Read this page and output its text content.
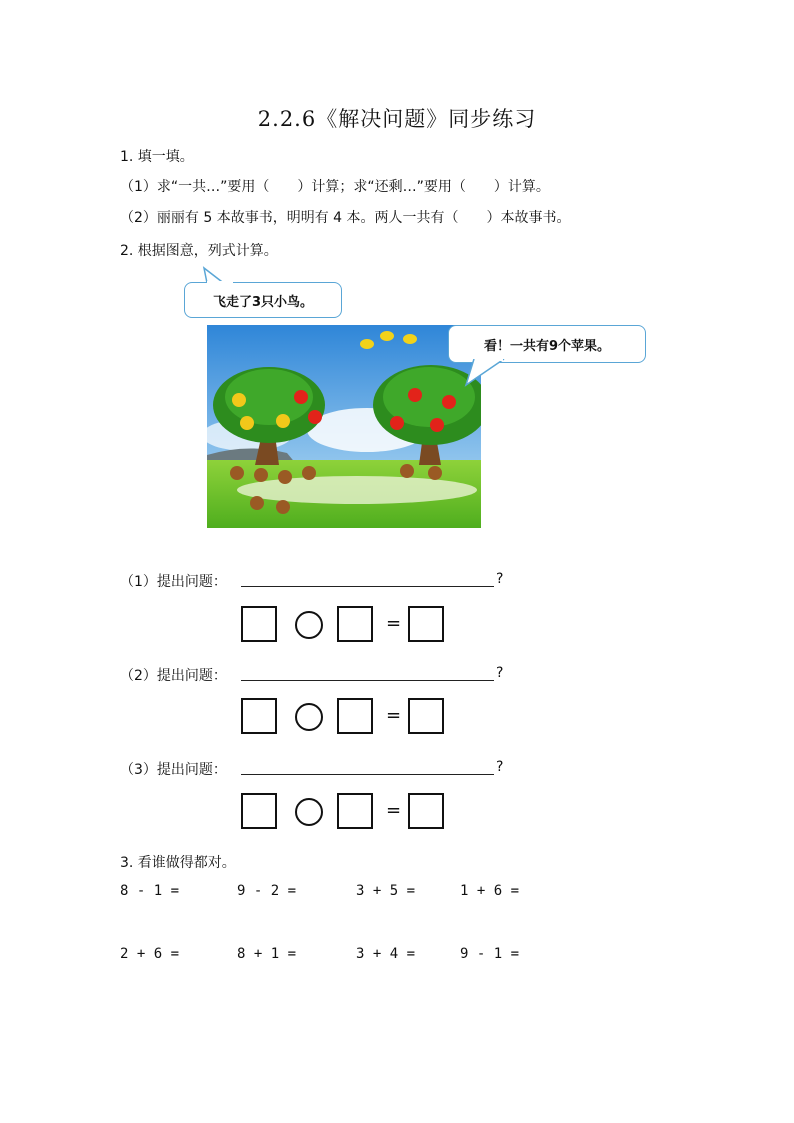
2.2.6《解决问题》同步练习
1. 填一填。
（1）求“一共…”要用（　　）计算；求“还剩…”要用（　　）计算。
（2）丽丽有 5 本故事书，明明有 4 本。两人一共有（　　）本故事书。
2. 根据图意，列式计算。
飞走了3只小鸟。
看！一共有9个苹果。
（1）提出问题：	?
=
（2）提出问题：	?
=
（3）提出问题：	?
=
3. 看谁做得都对。
8 - 1 =	9 - 2 =	3 + 5 =	1 + 6 =
2 + 6 =	8 + 1 =	3 + 4 =	9 - 1 =
